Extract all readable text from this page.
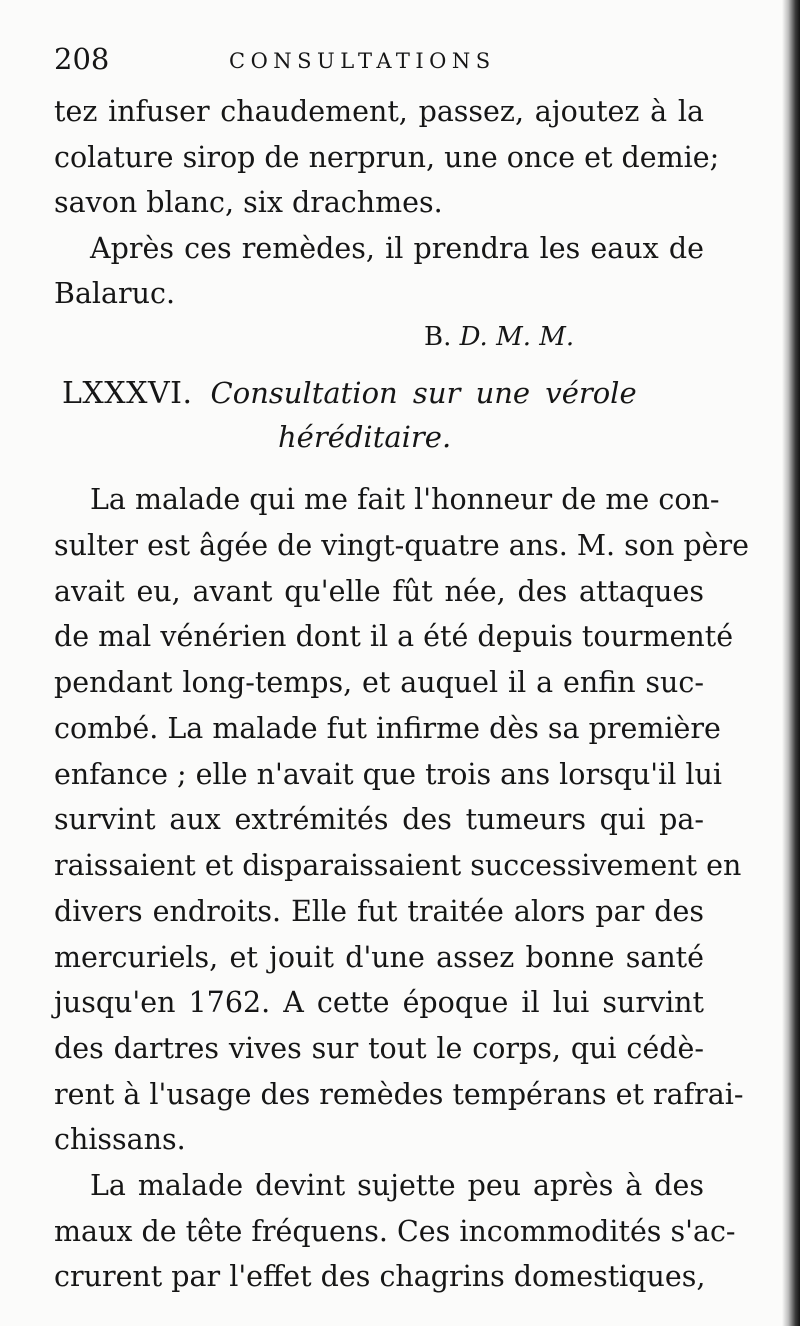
208	CONSULTATIONS
tez infuser chaudement, passez, ajoutez à la
colature sirop de nerprun, une once et demie;
savon blanc, six drachmes.
Après ces remèdes, il prendra les eaux de
Balaruc.
B. D. M. M.
LXXXVI. Consultation sur une vérole
héréditaire.
La malade qui me fait l'honneur de me con-
sulter est âgée de vingt-quatre ans. M. son père
avait eu, avant qu'elle fût née, des attaques
de mal vénérien dont il a été depuis tourmenté
pendant long-temps, et auquel il a enfin suc-
combé. La malade fut infirme dès sa première
enfance ; elle n'avait que trois ans lorsqu'il lui
survint aux extrémités des tumeurs qui pa-
raissaient et disparaissaient successivement en
divers endroits. Elle fut traitée alors par des
mercuriels, et jouit d'une assez bonne santé
jusqu'en 1762. A cette époque il lui survint
des dartres vives sur tout le corps, qui cédè-
rent à l'usage des remèdes tempérans et rafrai-
chissans.
La malade devint sujette peu après à des
maux de tête fréquens. Ces incommodités s'ac-
crurent par l'effet des chagrins domestiques,
